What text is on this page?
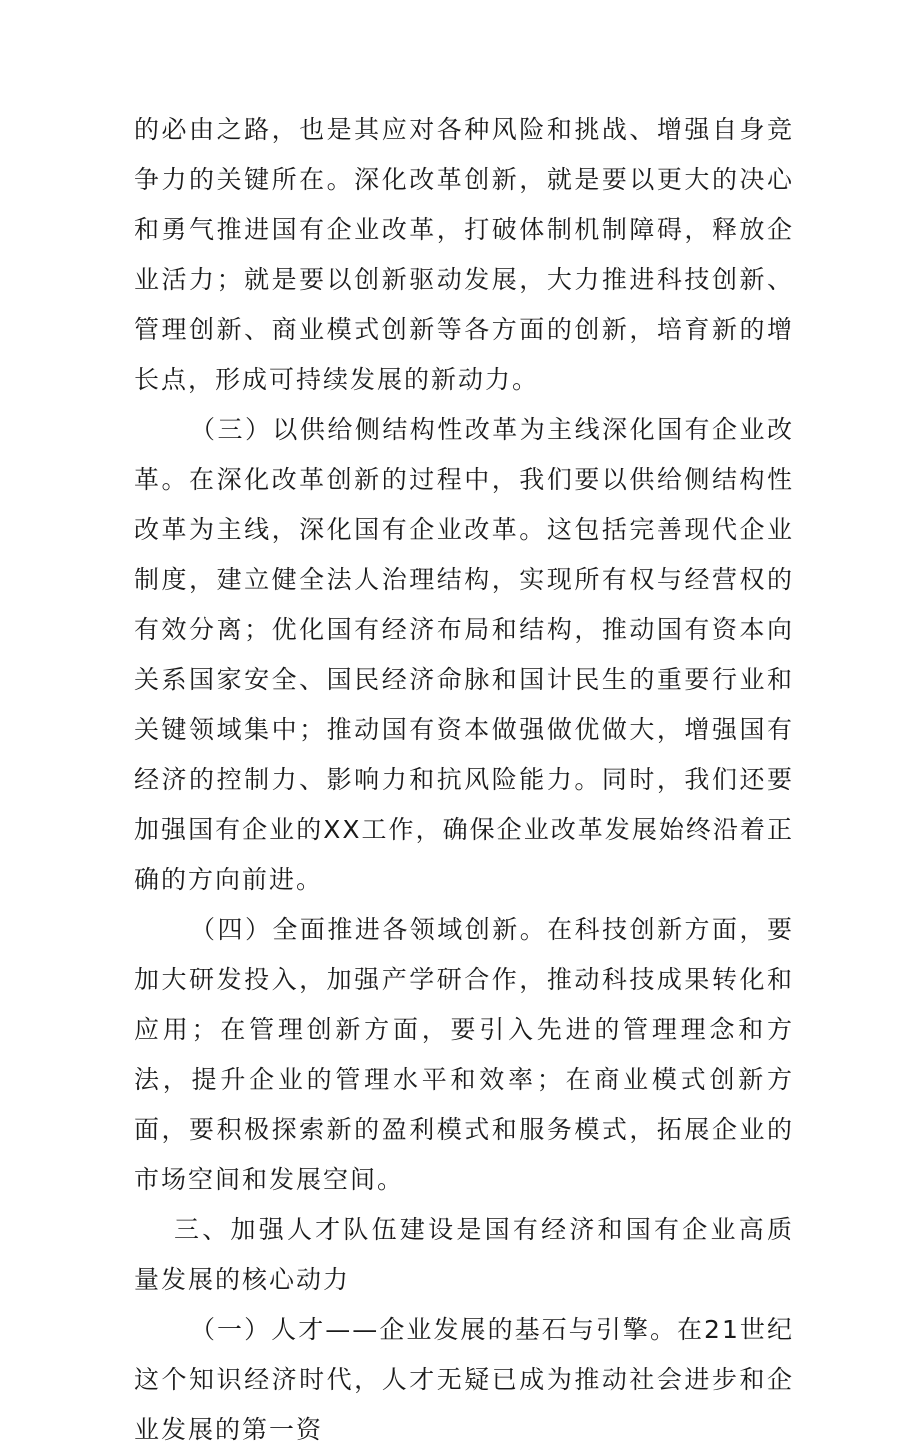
的必由之路，也是其应对各种风险和挑战、增强自身竞争力的关键所在。深化改革创新，就是要以更大的决心和勇气推进国有企业改革，打破体制机制障碍，释放企业活力；就是要以创新驱动发展，大力推进科技创新、管理创新、商业模式创新等各方面的创新，培育新的增长点，形成可持续发展的新动力。

（三）以供给侧结构性改革为主线深化国有企业改革。在深化改革创新的过程中，我们要以供给侧结构性改革为主线，深化国有企业改革。这包括完善现代企业制度，建立健全法人治理结构，实现所有权与经营权的有效分离；优化国有经济布局和结构，推动国有资本向关系国家安全、国民经济命脉和国计民生的重要行业和关键领域集中；推动国有资本做强做优做大，增强国有经济的控制力、影响力和抗风险能力。同时，我们还要加强国有企业的XX工作，确保企业改革发展始终沿着正确的方向前进。

（四）全面推进各领域创新。在科技创新方面，要加大研发投入，加强产学研合作，推动科技成果转化和应用；在管理创新方面，要引入先进的管理理念和方法，提升企业的管理水平和效率；在商业模式创新方面，要积极探索新的盈利模式和服务模式，拓展企业的市场空间和发展空间。

三、加强人才队伍建设是国有经济和国有企业高质量发展的核心动力

（一）人才——企业发展的基石与引擎。在21世纪这个知识经济时代，人才无疑已成为推动社会进步和企业发展的第一资
